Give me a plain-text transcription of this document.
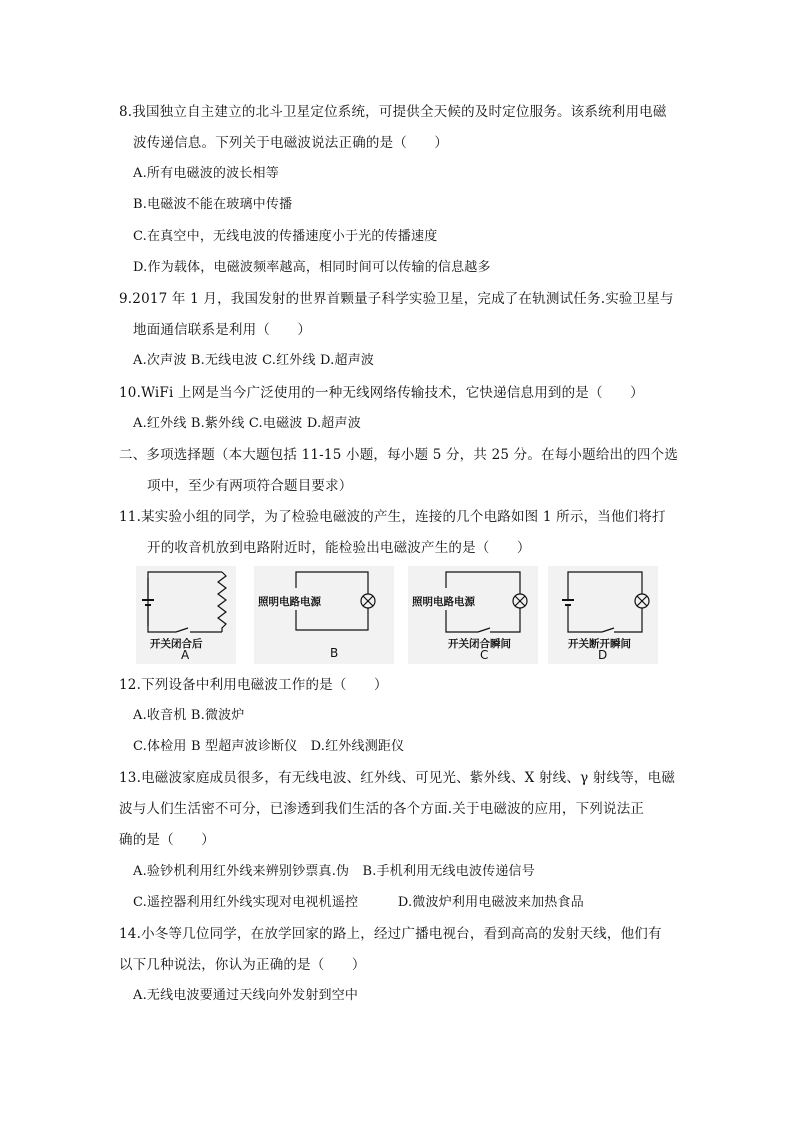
8.我国独立自主建立的北斗卫星定位系统，可提供全天候的及时定位服务。该系统利用电磁
波传递信息。下列关于电磁波说法正确的是（　　）
A.所有电磁波的波长相等
B.电磁波不能在玻璃中传播
C.在真空中，无线电波的传播速度小于光的传播速度
D.作为载体，电磁波频率越高，相同时间可以传输的信息越多
9.2017 年 1 月，我国发射的世界首颗量子科学实验卫星，完成了在轨测试任务.实验卫星与
地面通信联系是利用（　　）
A.次声波 B.无线电波 C.红外线 D.超声波
10.WiFi 上网是当今广泛使用的一种无线网络传输技术，它快递信息用到的是（　　）
A.红外线 B.紫外线 C.电磁波 D.超声波
二、多项选择题（本大题包括 11-15 小题，每小题 5 分，共 25 分。在每小题给出的四个选
项中，至少有两项符合题目要求）
11.某实验小组的同学，为了检验电磁波的产生，连接的几个电路如图 1 所示，当他们将打
开的收音机放到电路附近时，能检验出电磁波产生的是（　　）
开关闭合后
A
照明电路电源
B
照明电路电源
开关闭合瞬间
C
开关断开瞬间
D
12.下列设备中利用电磁波工作的是（　　）
A.收音机 B.微波炉
C.体检用 B 型超声波诊断仪　D.红外线测距仪
13.电磁波家庭成员很多，有无线电波、红外线、可见光、紫外线、X 射线、γ 射线等，电磁
波与人们生活密不可分，已渗透到我们生活的各个方面.关于电磁波的应用，下列说法正
确的是（　　）
A.验钞机利用红外线来辨别钞票真.伪　B.手机利用无线电波传递信号
C.遥控器利用红外线实现对电视机遥控　　　D.微波炉利用电磁波来加热食品
14.小冬等几位同学，在放学回家的路上，经过广播电视台，看到高高的发射天线，他们有
以下几种说法，你认为正确的是（　　）
A.无线电波要通过天线向外发射到空中
